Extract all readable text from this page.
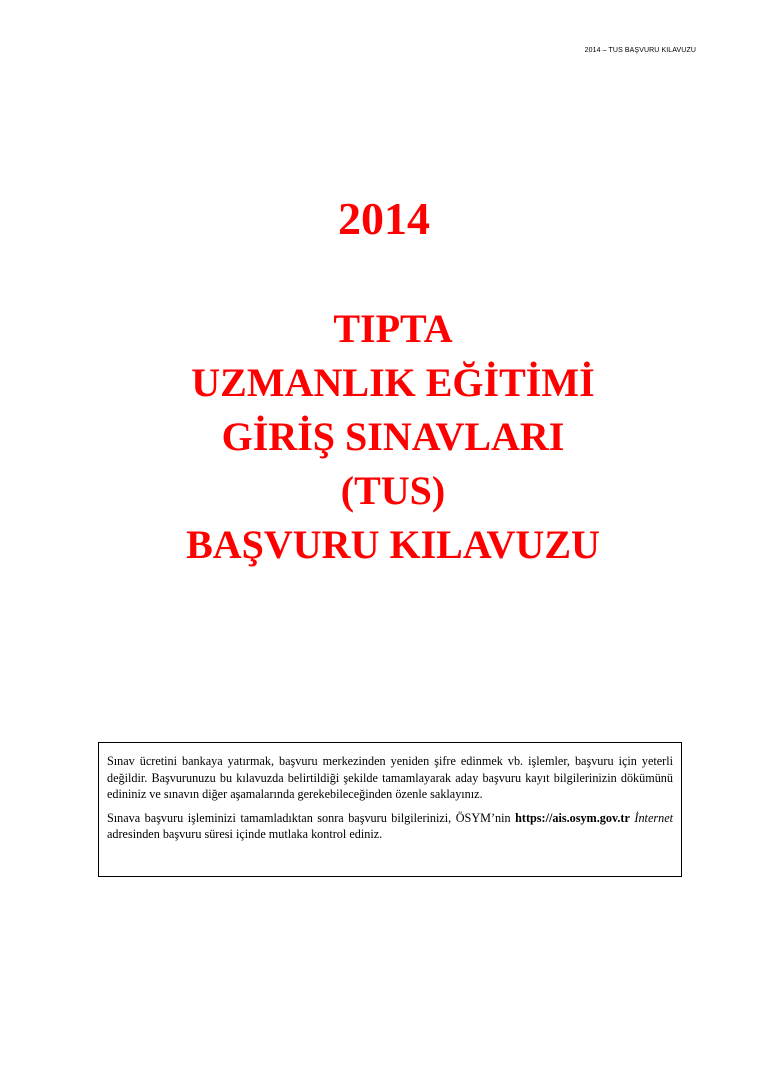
2014 – TUS BAŞVURU KILAVUZU
2014
TIPTA
UZMANLIK EĞİTİMİ
GİRİŞ SINAVLARI
(TUS)
BAŞVURU KILAVUZU

Sınav ücretini bankaya yatırmak, başvuru merkezinden yeniden şifre edinmek vb. işlemler, başvuru için yeterli değildir. Başvurunuzu bu kılavuzda belirtildiği şekilde tamamlayarak aday başvuru kayıt bilgilerinizin dökümünü edininiz ve sınavın diğer aşamalarında gerekebileceğinden özenle saklayınız.

Sınava başvuru işleminizi tamamladıktan sonra başvuru bilgilerinizi, ÖSYM’nin https://ais.osym.gov.tr İnternet adresinden başvuru süresi içinde mutlaka kontrol ediniz.
